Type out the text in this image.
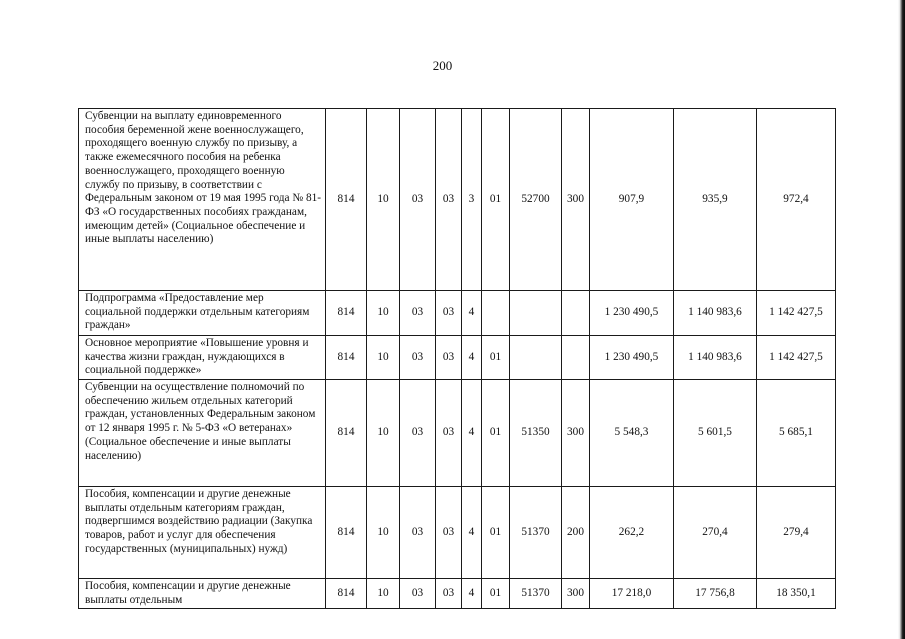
200
Субвенции на выплату единовременного пособия беременной жене военнослужащего, проходящего военную службу по призыву, а также ежемесячного пособия на ребенка военнослужащего, проходящего военную службу по призыву, в соответствии с Федеральным законом от 19 мая 1995 года № 81-ФЗ «О государственных пособиях гражданам, имеющим детей» (Социальное обеспечение и иные выплаты населению)	814	10	03	03	3	01	52700	300	907,9	935,9	972,4
Подпрограмма «Предоставление мер социальной поддержки отдельным категориям граждан»	814	10	03	03	4				1 230 490,5	1 140 983,6	1 142 427,5
Основное мероприятие «Повышение уровня и качества жизни граждан, нуждающихся в социальной поддержке»	814	10	03	03	4	01			1 230 490,5	1 140 983,6	1 142 427,5
Субвенции на осуществление полномочий по обеспечению жильем отдельных категорий граждан, установленных Федеральным законом от 12 января 1995 г. № 5-ФЗ «О ветеранах» (Социальное обеспечение и иные выплаты населению)	814	10	03	03	4	01	51350	300	5 548,3	5 601,5	5 685,1
Пособия, компенсации и другие денежные выплаты отдельным категориям граждан, подвергшимся воздействию радиации (Закупка товаров, работ и услуг для обеспечения государственных (муниципальных) нужд)	814	10	03	03	4	01	51370	200	262,2	270,4	279,4
Пособия, компенсации и другие денежные выплаты отдельным	814	10	03	03	4	01	51370	300	17 218,0	17 756,8	18 350,1
